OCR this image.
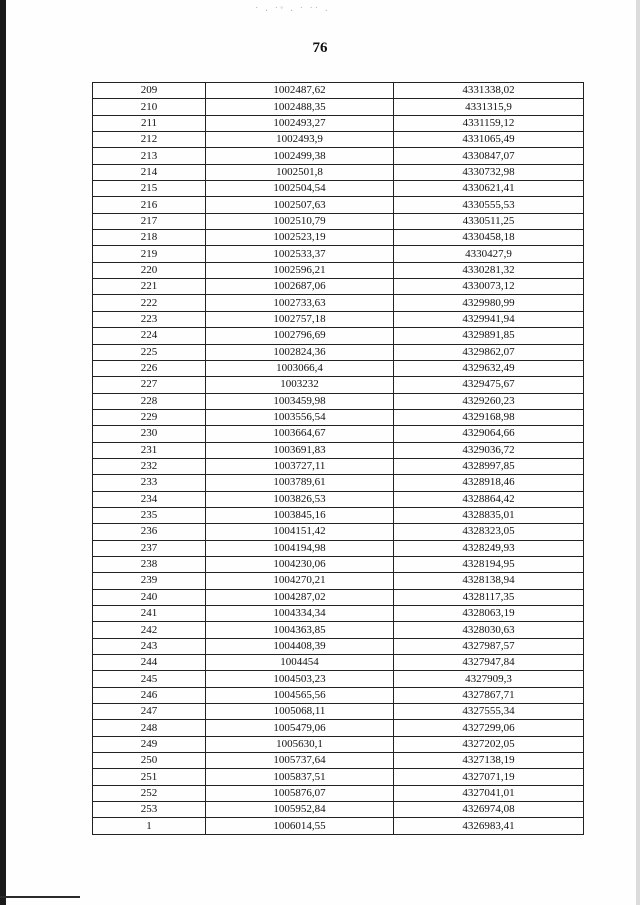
˙ · ˙˚ · ˙ ˙˙ ·
76
209	1002487,62	4331338,02
210	1002488,35	4331315,9
211	1002493,27	4331159,12
212	1002493,9	4331065,49
213	1002499,38	4330847,07
214	1002501,8	4330732,98
215	1002504,54	4330621,41
216	1002507,63	4330555,53
217	1002510,79	4330511,25
218	1002523,19	4330458,18
219	1002533,37	4330427,9
220	1002596,21	4330281,32
221	1002687,06	4330073,12
222	1002733,63	4329980,99
223	1002757,18	4329941,94
224	1002796,69	4329891,85
225	1002824,36	4329862,07
226	1003066,4	4329632,49
227	1003232	4329475,67
228	1003459,98	4329260,23
229	1003556,54	4329168,98
230	1003664,67	4329064,66
231	1003691,83	4329036,72
232	1003727,11	4328997,85
233	1003789,61	4328918,46
234	1003826,53	4328864,42
235	1003845,16	4328835,01
236	1004151,42	4328323,05
237	1004194,98	4328249,93
238	1004230,06	4328194,95
239	1004270,21	4328138,94
240	1004287,02	4328117,35
241	1004334,34	4328063,19
242	1004363,85	4328030,63
243	1004408,39	4327987,57
244	1004454	4327947,84
245	1004503,23	4327909,3
246	1004565,56	4327867,71
247	1005068,11	4327555,34
248	1005479,06	4327299,06
249	1005630,1	4327202,05
250	1005737,64	4327138,19
251	1005837,51	4327071,19
252	1005876,07	4327041,01
253	1005952,84	4326974,08
1	1006014,55	4326983,41
